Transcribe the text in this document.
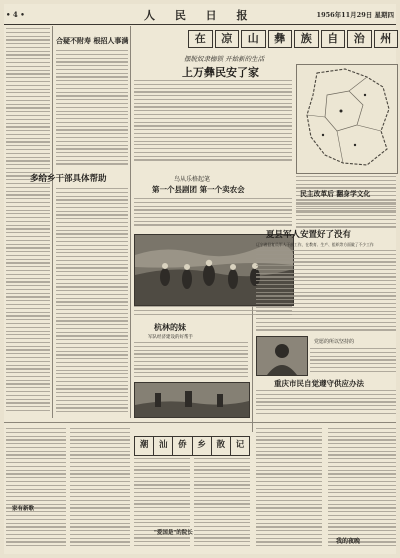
• 4 •	人 民 日 报	1956年11月29日 星期四
合疑不附寿 根招人事满
多给乡干部具体帮助
在	凉	山	彝	族	自	治	州
摆脱奴隶枷锁 开始新的生活
上万彝民安了家
鸟从乐格起笔
第一个县剧团 第一个卖农会	民主改革后 翻身学文化
夏县军人安置好了没有
辽宁省县复员军人干部工作，在教育、生产、组织等方面做了不少工作
杭林的妹
军队经济建设的好帮手
党愿的所以坚持的
重庆市民自觉遵守供应办法
潮	汕	侨	乡	散	记
家有新歌
"爱国是"的院长
我的夜晚
